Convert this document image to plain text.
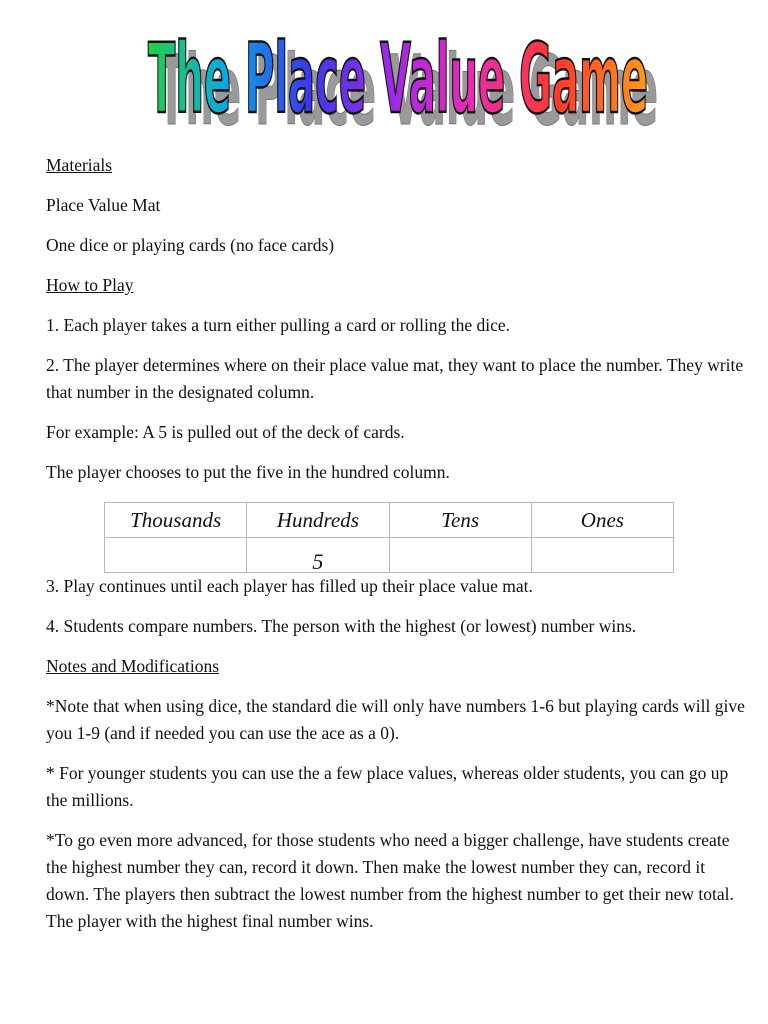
The Place Value Game
The Place Value Game

Materials

Place Value Mat

One dice or playing cards (no face cards)

How to Play

1. Each player takes a turn either pulling a card or rolling the dice.

2. The player determines where on their place value mat, they want to place the number. They write that number in the designated column.

For example: A 5 is pulled out of the deck of cards.

The player chooses to put the five in the hundred column.

Thousands	Hundreds	Tens	Ones
	5		

3. Play continues until each player has filled up their place value mat.

4. Students compare numbers. The person with the highest (or lowest) number wins.

Notes and Modifications

*Note that when using dice, the standard die will only have numbers 1-6 but playing cards will give you 1-9 (and if needed you can use the ace as a 0).

* For younger students you can use the a few place values, whereas older students, you can go up the millions.

*To go even more advanced, for those students who need a bigger challenge, have students create the highest number they can, record it down. Then make the lowest number they can, record it down. The players then subtract the lowest number from the highest number to get their new total. The player with the highest final number wins.
